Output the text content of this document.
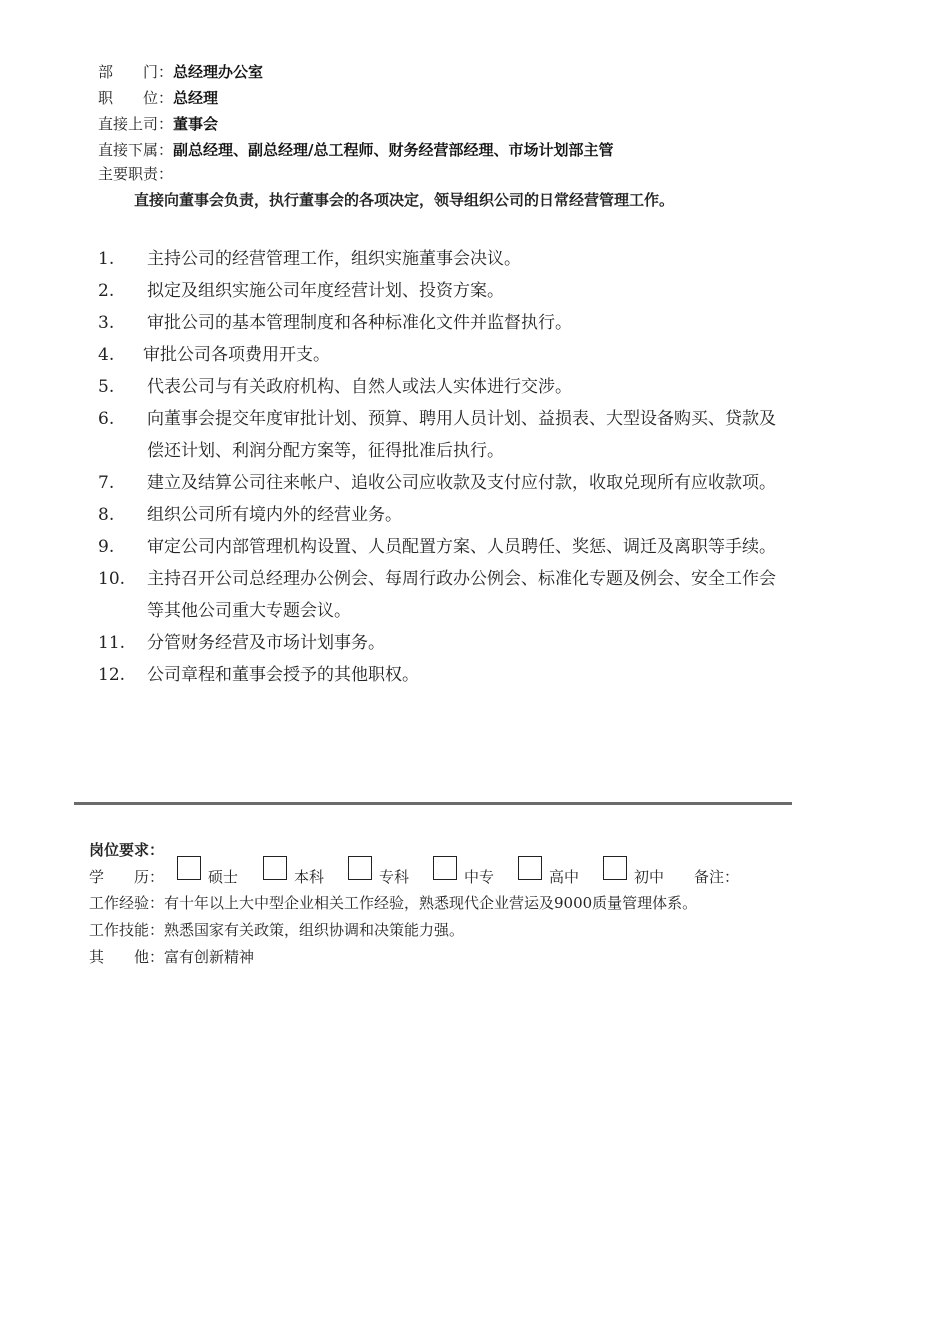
部　　门：总经理办公室
职　　位：总经理
直接上司：董事会
直接下属：副总经理、副总经理/总工程师、财务经营部经理、市场计划部主管
主要职责：
直接向董事会负责，执行董事会的各项决定，领导组织公司的日常经营管理工作。
1. 主持公司的经营管理工作，组织实施董事会决议。
2. 拟定及组织实施公司年度经营计划、投资方案。
3. 审批公司的基本管理制度和各种标准化文件并监督执行。
4. 审批公司各项费用开支。
5. 代表公司与有关政府机构、自然人或法人实体进行交涉。
6. 向董事会提交年度审批计划、预算、聘用人员计划、益损表、大型设备购买、贷款及偿还计划、利润分配方案等，征得批准后执行。
7. 建立及结算公司往来帐户、追收公司应收款及支付应付款，收取兑现所有应收款项。
8. 组织公司所有境内外的经营业务。
9. 审定公司内部管理机构设置、人员配置方案、人员聘任、奖惩、调迁及离职等手续。
10. 主持召开公司总经理办公例会、每周行政办公例会、标准化专题及例会、安全工作会等其他公司重大专题会议。
11. 分管财务经营及市场计划事务。
12. 公司章程和董事会授予的其他职权。
岗位要求：
学　　历：	硕士	本科	专科	中专	高中	初中 备注：
工作经验：有十年以上大中型企业相关工作经验，熟悉现代企业营运及9000质量管理体系。
工作技能：熟悉国家有关政策，组织协调和决策能力强。
其　　他：富有创新精神
